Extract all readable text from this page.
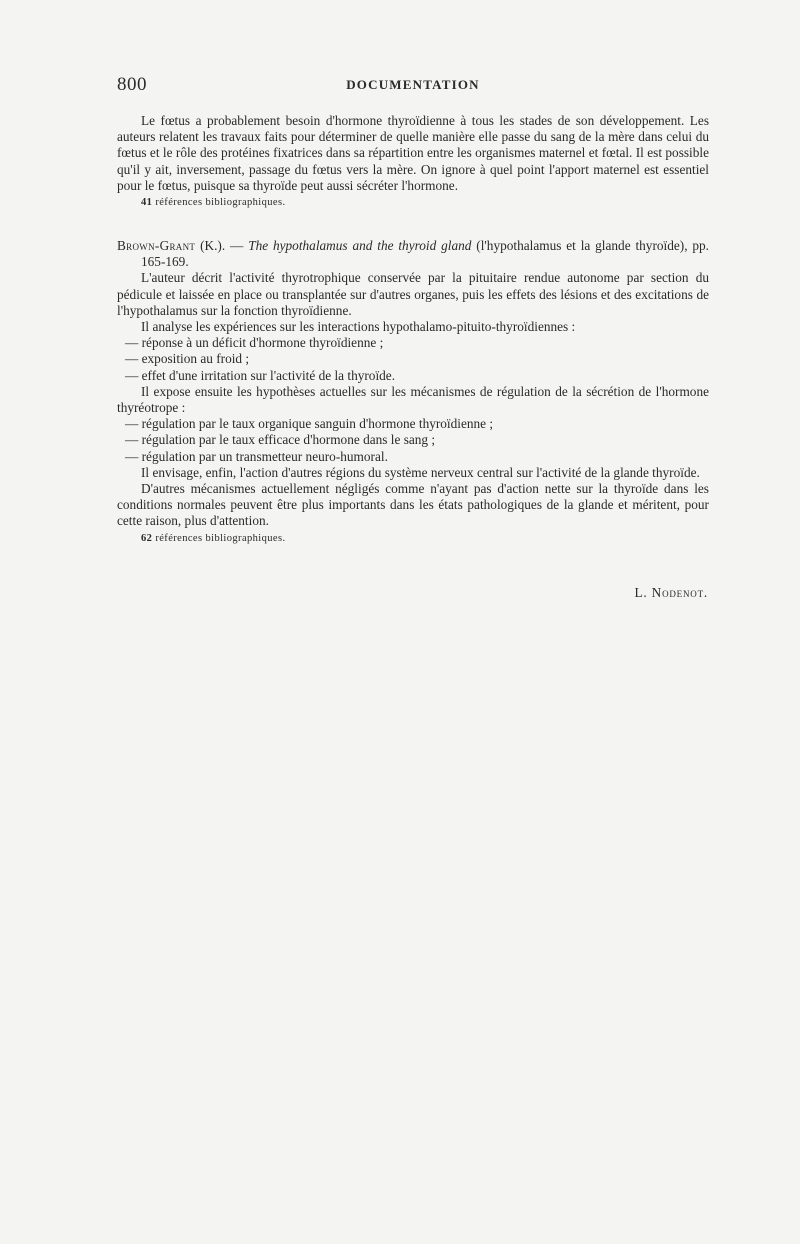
800	DOCUMENTATION

Le fœtus a probablement besoin d'hormone thyroïdienne à tous les stades de son développement. Les auteurs relatent les travaux faits pour déterminer de quelle manière elle passe du sang de la mère dans celui du fœtus et le rôle des protéines fixatrices dans sa répartition entre les organismes maternel et fœtal. Il est possible qu'il y ait, inversement, passage du fœtus vers la mère. On ignore à quel point l'apport maternel est essentiel pour le fœtus, puisque sa thyroïde peut aussi sécréter l'hormone.

41 références bibliographiques.

Brown-Grant (K.). — The hypothalamus and the thyroid gland (l'hypothalamus et la glande thyroïde), pp. 165-169.

L'auteur décrit l'activité thyrotrophique conservée par la pituitaire rendue autonome par section du pédicule et laissée en place ou transplantée sur d'autres organes, puis les effets des lésions et des excitations de l'hypothalamus sur la fonction thyroïdienne.

Il analyse les expériences sur les interactions hypothalamo-pituito-thyroïdiennes :

— réponse à un déficit d'hormone thyroïdienne ;

— exposition au froid ;

— effet d'une irritation sur l'activité de la thyroïde.

Il expose ensuite les hypothèses actuelles sur les mécanismes de régulation de la sécrétion de l'hormone thyréotrope :

— régulation par le taux organique sanguin d'hormone thyroïdienne ;

— régulation par le taux efficace d'hormone dans le sang ;

— régulation par un transmetteur neuro-humoral.

Il envisage, enfin, l'action d'autres régions du système nerveux central sur l'activité de la glande thyroïde.

D'autres mécanismes actuellement négligés comme n'ayant pas d'action nette sur la thyroïde dans les conditions normales peuvent être plus importants dans les états pathologiques de la glande et méritent, pour cette raison, plus d'attention.

62 références bibliographiques.

L. Nodenot.
